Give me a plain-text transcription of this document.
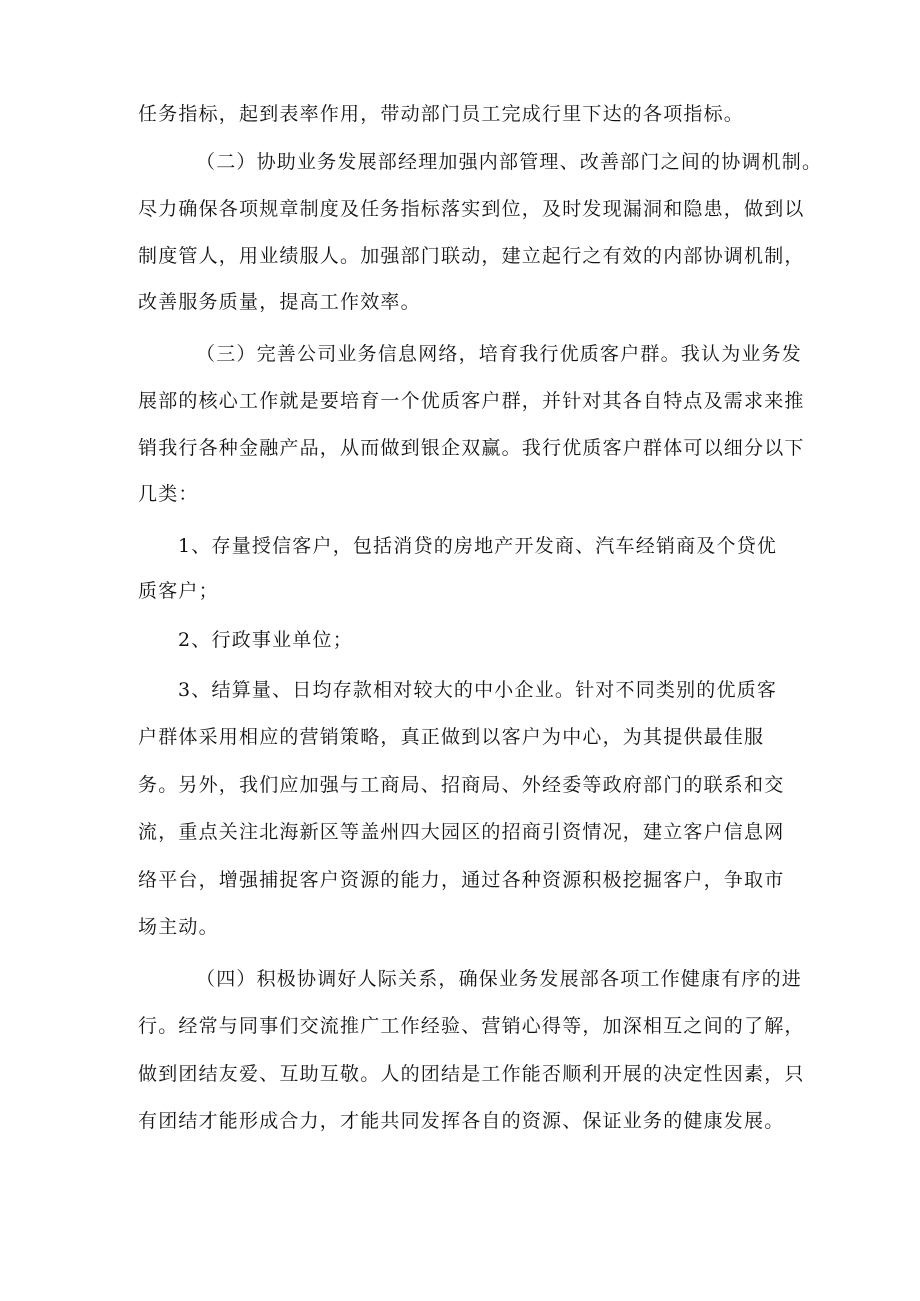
任务指标，起到表率作用，带动部门员工完成行里下达的各项指标。
（二）协助业务发展部经理加强内部管理、改善部门之间的协调机制。
尽力确保各项规章制度及任务指标落实到位，及时发现漏洞和隐患，做到以
制度管人，用业绩服人。加强部门联动，建立起行之有效的内部协调机制，
改善服务质量，提高工作效率。
（三）完善公司业务信息网络，培育我行优质客户群。我认为业务发
展部的核心工作就是要培育一个优质客户群，并针对其各自特点及需求来推
销我行各种金融产品，从而做到银企双赢。我行优质客户群体可以细分以下
几类：
1、存量授信客户，包括消贷的房地产开发商、汽车经销商及个贷优
质客户；
2、行政事业单位；
3、结算量、日均存款相对较大的中小企业。针对不同类别的优质客
户群体采用相应的营销策略，真正做到以客户为中心，为其提供最佳服
务。另外，我们应加强与工商局、招商局、外经委等政府部门的联系和交
流，重点关注北海新区等盖州四大园区的招商引资情况，建立客户信息网
络平台，增强捕捉客户资源的能力，通过各种资源积极挖掘客户，争取市
场主动。
（四）积极协调好人际关系，确保业务发展部各项工作健康有序的进
行。经常与同事们交流推广工作经验、营销心得等，加深相互之间的了解，
做到团结友爱、互助互敬。人的团结是工作能否顺利开展的决定性因素，只
有团结才能形成合力，才能共同发挥各自的资源、保证业务的健康发展。
